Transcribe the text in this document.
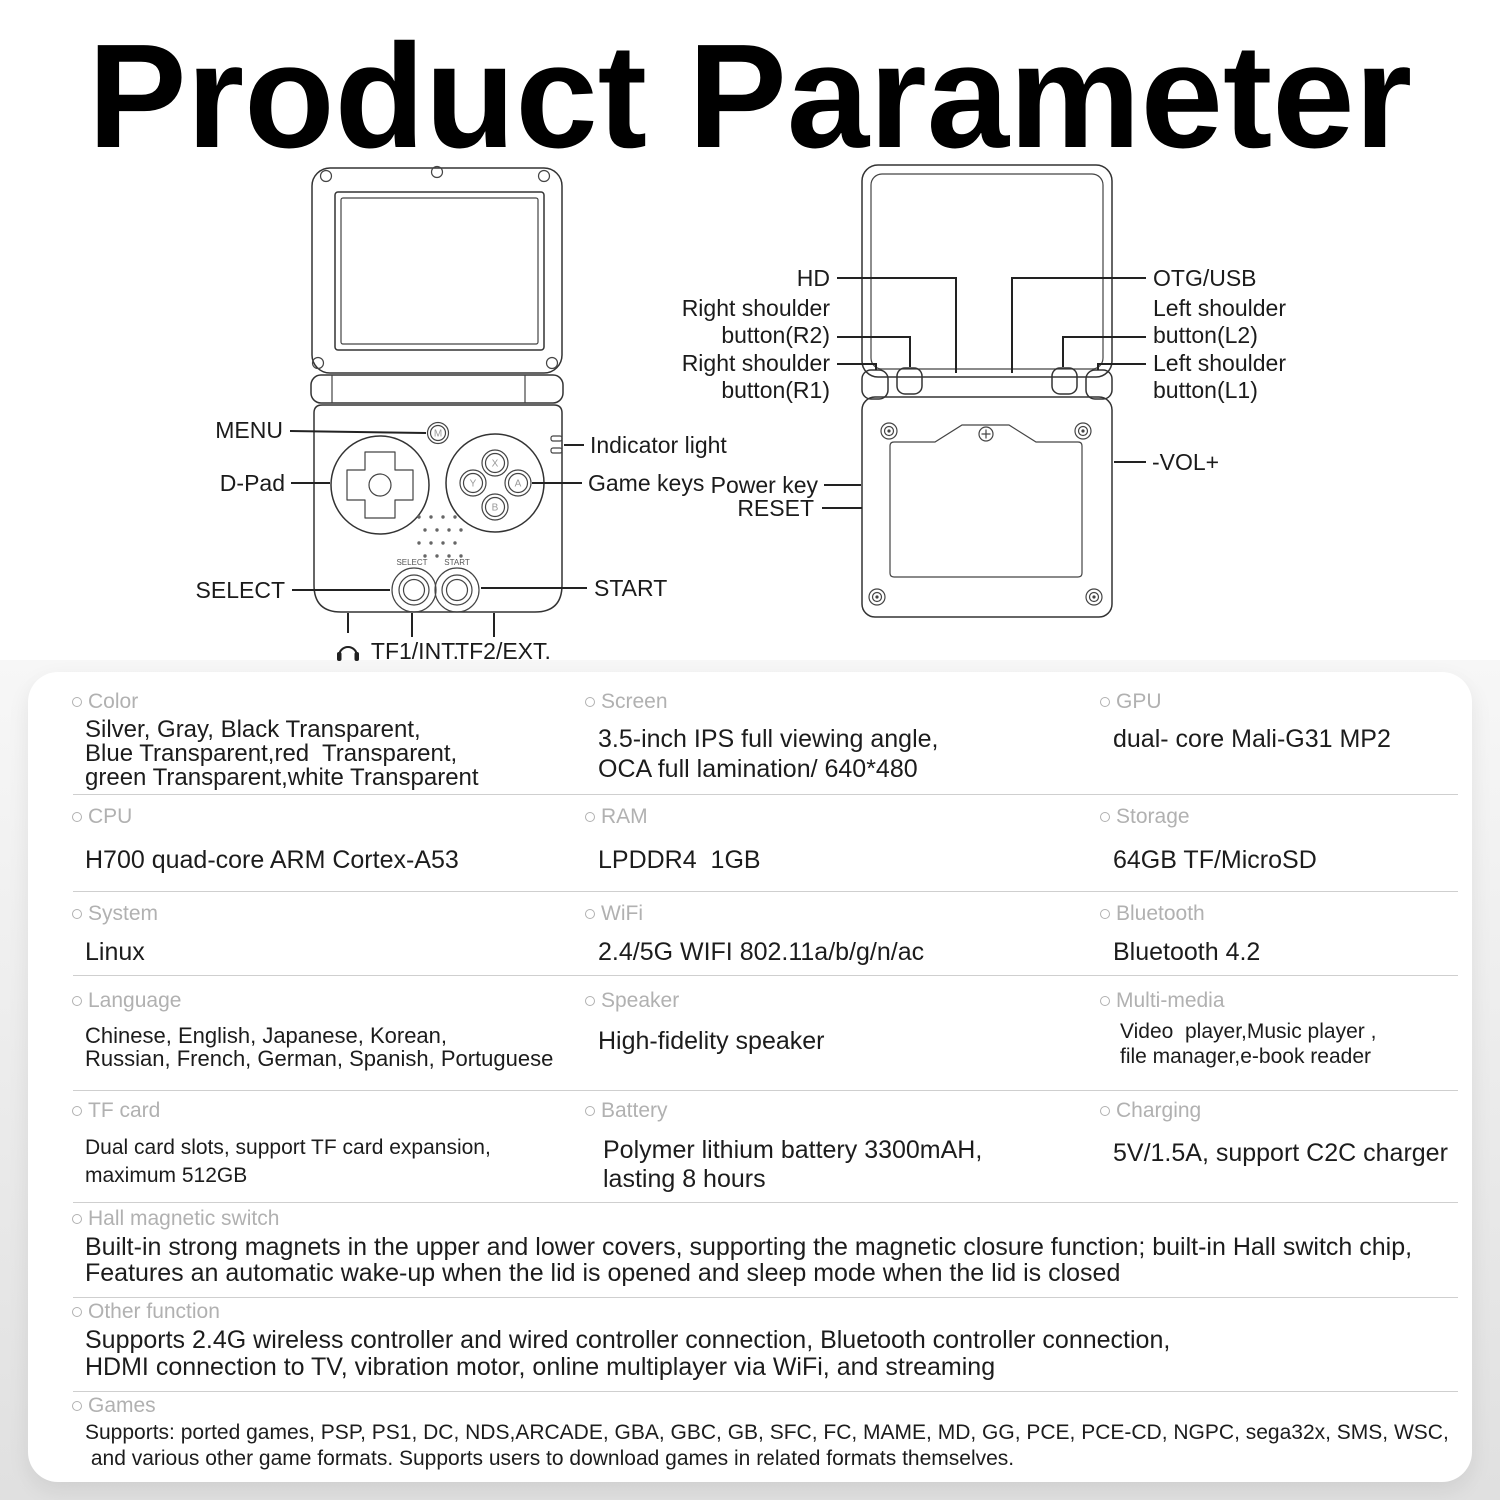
Product Parameter
M
X
Y	A
B
SELECT START
TF1/INT.
TF2/EXT.
MENU
D-Pad
Indicator light
Game keys
SELECT	START
HD	OTG/USB
Right shoulder
button(R2)
Right shoulder
button(R1)
Left shoulder
button(L2)
Left shoulder
button(L1)
Power key
RESET
-VOL+
Color
Silver, Gray, Black Transparent,
Blue Transparent,red  Transparent,
green Transparent,white Transparent
Screen
3.5-inch IPS full viewing angle,
OCA full lamination/ 640*480
GPU
dual- core Mali-G31 MP2
CPU
H700 quad-core ARM Cortex-A53
RAM
LPDDR4  1GB
Storage
64GB TF/MicroSD
System
Linux
WiFi
2.4/5G WIFI 802.11a/b/g/n/ac
Bluetooth
Bluetooth 4.2
Language
Chinese, English, Japanese, Korean,
Russian, French, German, Spanish, Portuguese
Speaker
High-fidelity speaker
Multi-media
Video  player,Music player ,
file manager,e-book reader
TF card
Dual card slots, support TF card expansion,
maximum 512GB
Battery
Polymer lithium battery 3300mAH,
lasting 8 hours
Charging
5V/1.5A, support C2C charger
Hall magnetic switch
Built-in strong magnets in the upper and lower covers, supporting the magnetic closure function; built-in Hall switch chip,
Features an automatic wake-up when the lid is opened and sleep mode when the lid is closed
Other function
Supports 2.4G wireless controller and wired controller connection, Bluetooth controller connection,
HDMI connection to TV, vibration motor, online multiplayer via WiFi, and streaming
Games
Supports: ported games, PSP, PS1, DC, NDS,ARCADE, GBA, GBC, GB, SFC, FC, MAME, MD, GG, PCE, PCE-CD, NGPC, sega32x, SMS, WSC,
and various other game formats. Supports users to download games in related formats themselves.
